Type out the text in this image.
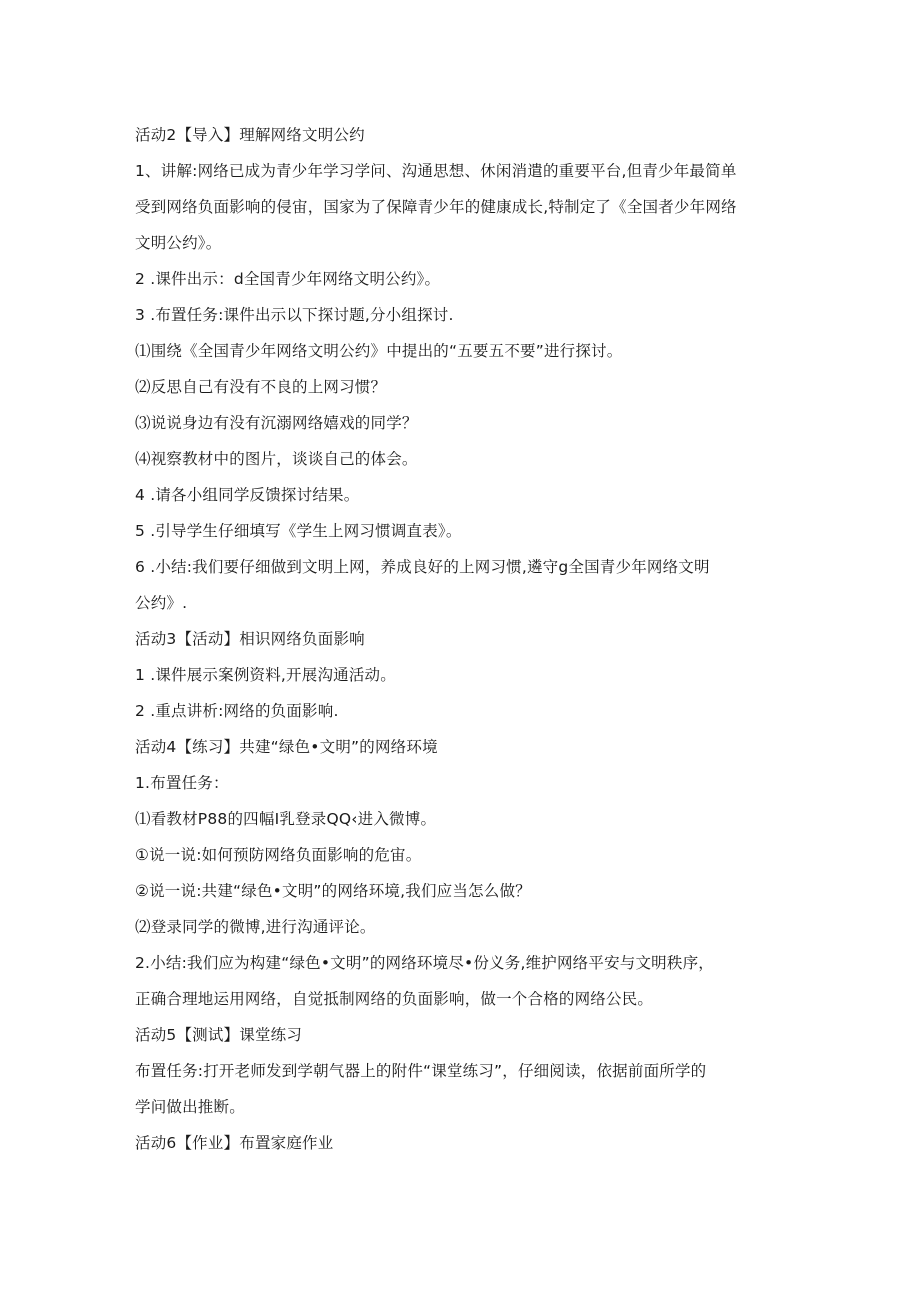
活动2【导入】理解网络文明公约
1、讲解:网络已成为青少年学习学问、沟通思想、休闲消遣的重要平台,但青少年最简单
受到网络负面影响的侵宙，国家为了保障青少年的健康成长,特制定了《全国者少年网络
文明公约》。
2 .课件出示：d全国青少年网络文明公约》。
3 .布置任务:课件出示以下探讨题,分小组探讨.
⑴围绕《全国青少年网络文明公约》中提出的“五要五不要”进行探讨。
⑵反思自己有没有不良的上网习惯？
⑶说说身边有没有沉溺网络嬉戏的同学？
⑷视察教材中的图片，谈谈自己的体会。
4 .请各小组同学反馈探讨结果。
5 .引导学生仔细填写《学生上网习惯调直表》。
6 .小结:我们要仔细做到文明上网，养成良好的上网习惯,遴守g全国青少年网络文明
公约》.
活动3【活动】相识网络负面影响
1 .课件展示案例资料,开展沟通活动。
2 .重点讲析:网络的负面影响.
活动4【练习】共建“绿色•文明”的网络环境
1.布置任务：
⑴看教材P88的四幅I乳登录QQ‹进入微博。
①说一说:如何预防网络负面影响的危宙。
②说一说:共建“绿色•文明”的网络环境,我们应当怎么做？
⑵登录同学的微博,进行沟通评论。
2.小结:我们应为构建“绿色•文明”的网络环境尽•份义务,维护网络平安与文明秩序，
正确合理地运用网络，自觉抵制网络的负面影响，做一个合格的网络公民。
活动5【测试】课堂练习
布置任务:打开老师发到学朝气器上的附件“课堂练习”，仔细阅读，依据前面所学的
学问做出推断。
活动6【作业】布置家庭作业
